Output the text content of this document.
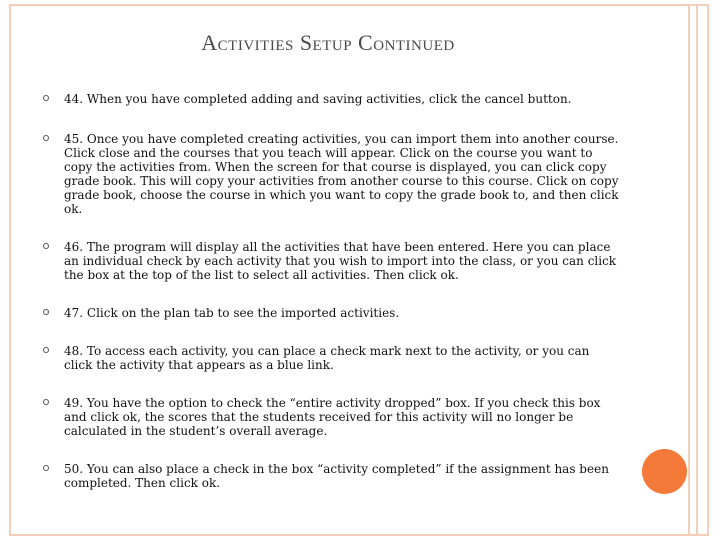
Activities Setup Continued
44. When you have completed adding and saving activities, click the cancel button.
45. Once you have completed creating activities, you can import them into another course. Click close and the courses that you teach will appear. Click on the course you want to copy the activities from. When the screen for that course is displayed, you can click copy grade book. This will copy your activities from another course to this course. Click on copy grade book, choose the course in which you want to copy the grade book to, and then click ok.
46. The program will display all the activities that have been entered. Here you can place an individual check by each activity that you wish to import into the class, or you can click the box at the top of the list to select all activities. Then click ok.
47. Click on the plan tab to see the imported activities.
48. To access each activity, you can place a check mark next to the activity, or you can click the activity that appears as a blue link.
49. You have the option to check the “entire activity dropped” box. If you check this box and click ok, the scores that the students received for this activity will no longer be calculated in the student’s overall average.
50. You can also place a check in the box “activity completed” if the assignment has been completed. Then click ok.
